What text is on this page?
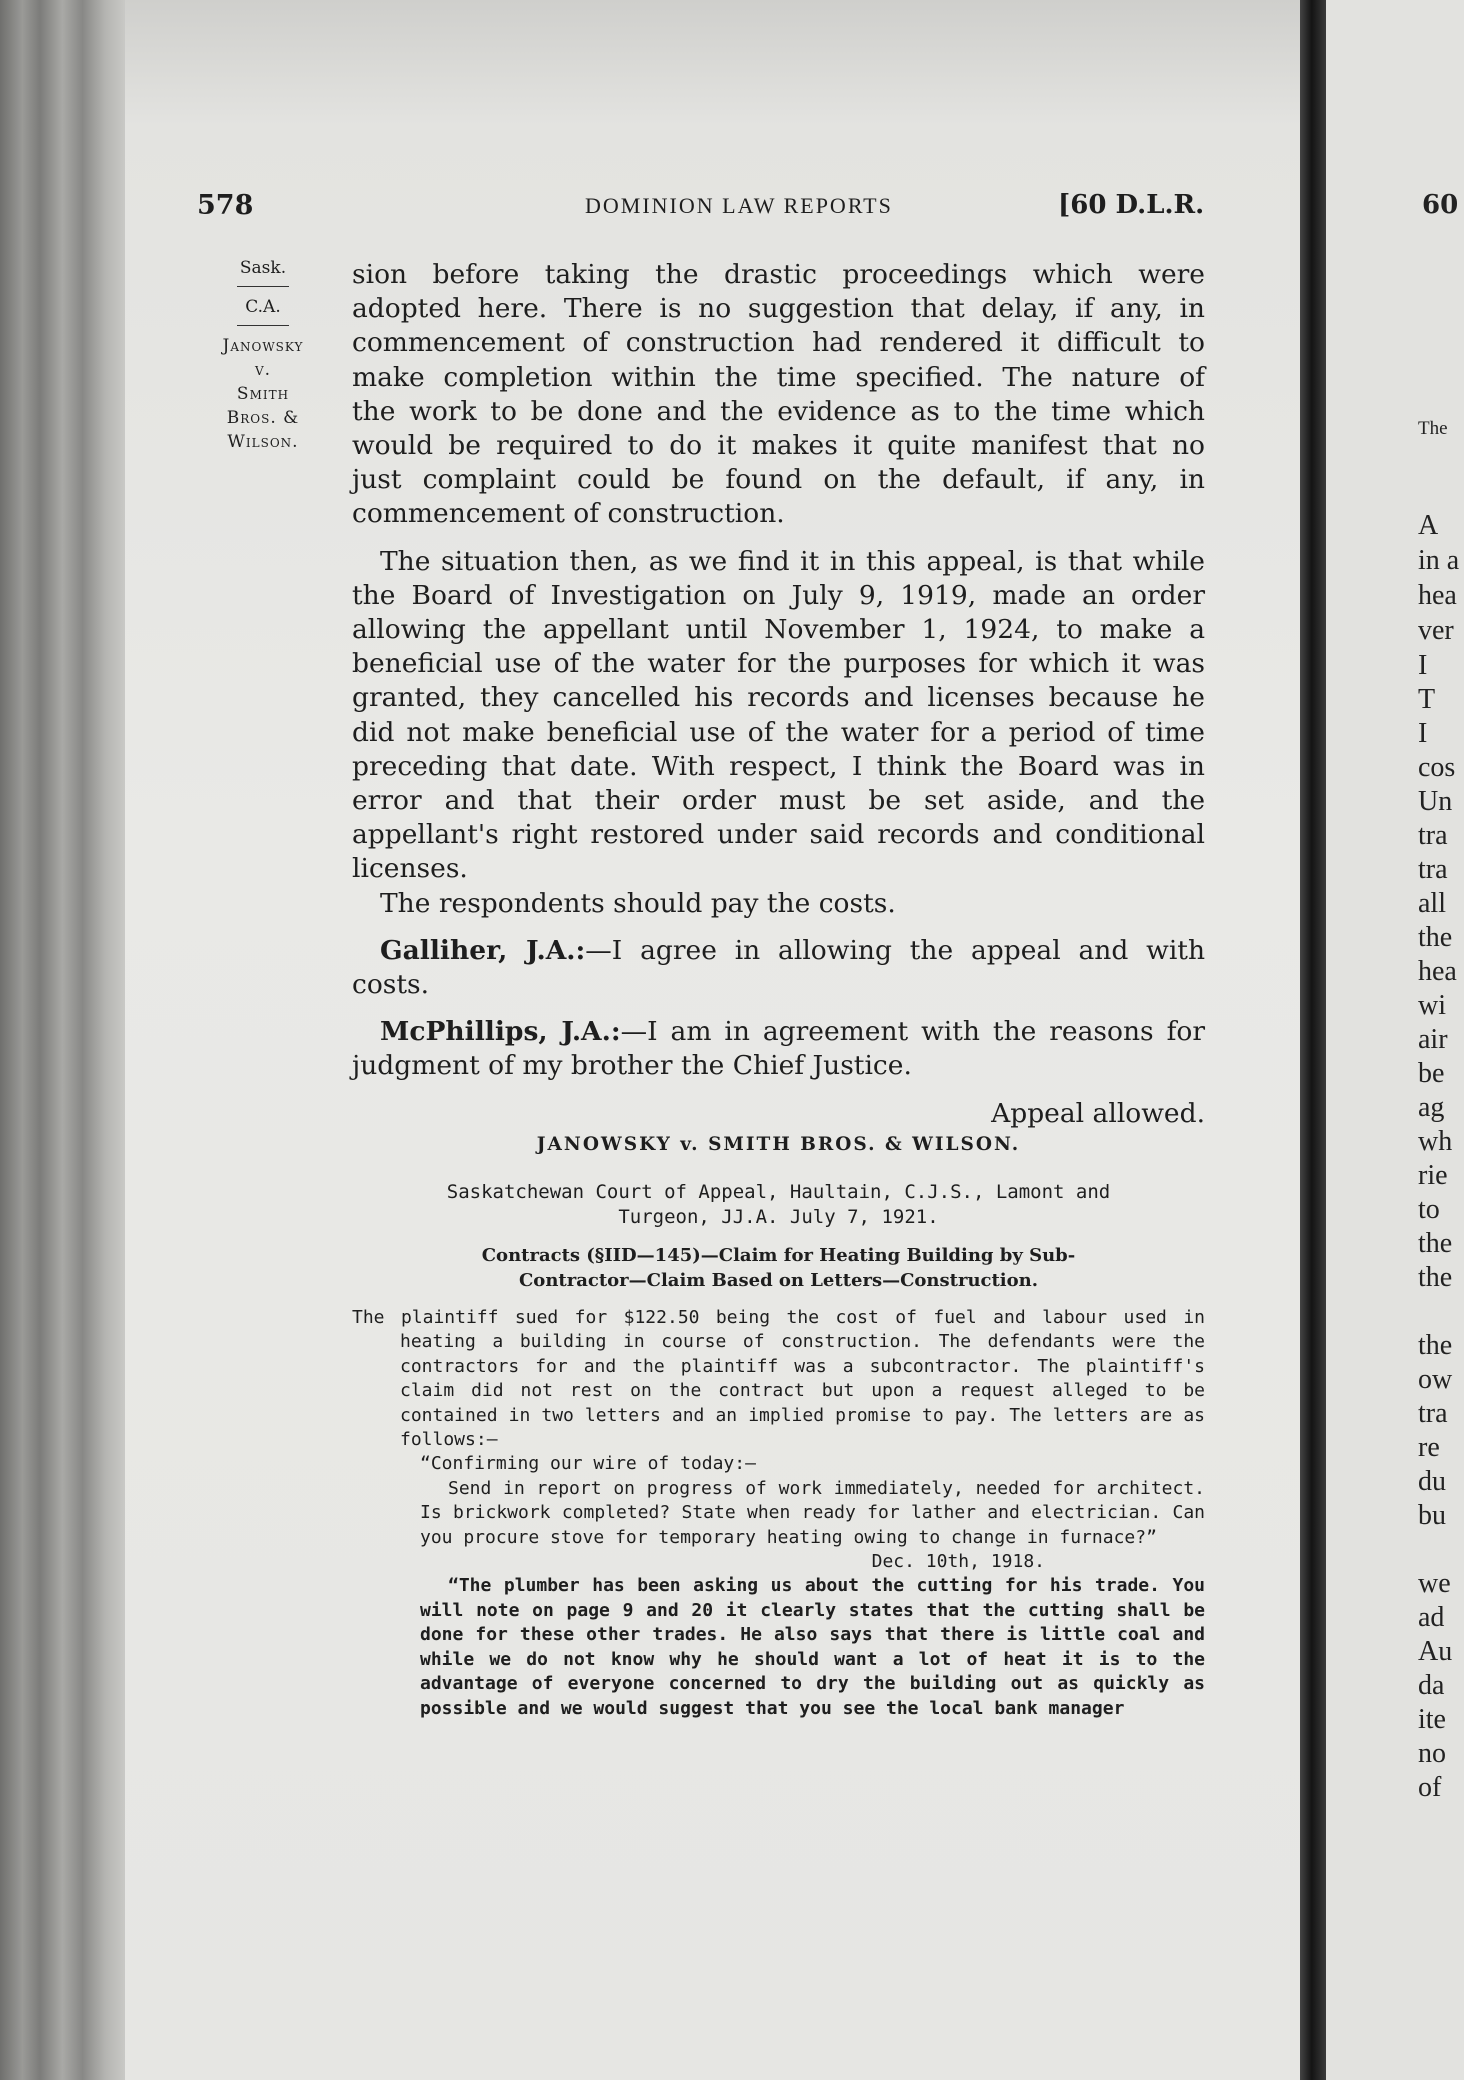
578	DOMINION LAW REPORTS	[60 D.L.R.
Sask.
C.A.
Janowsky
v.
Smith
Bros. &
Wilson.
sion before taking the drastic proceedings which were
adopted here. There is no suggestion that delay, if any, in
commencement of construction had rendered it difficult to
make completion within the time specified. The nature of
the work to be done and the evidence as to the time which
would be required to do it makes it quite manifest that no
just complaint could be found on the default, if any, in
commencement of construction.

The situation then, as we find it in this appeal, is that while the Board of Investigation on July 9, 1919, made an order allowing the appellant until November 1, 1924, to make a beneficial use of the water for the purposes for which it was granted, they cancelled his records and licenses because he did not make beneficial use of the water for a period of time preceding that date. With respect, I think the Board was in error and that their order must be set aside, and the appellant's right restored under said records and conditional licenses.

The respondents should pay the costs.

Galliher, J.A.:—I agree in allowing the appeal and with costs.

McPhillips, J.A.:—I am in agreement with the reasons for judgment of my brother the Chief Justice.

Appeal allowed.

JANOWSKY v. SMITH BROS. & WILSON.
Saskatchewan Court of Appeal, Haultain, C.J.S., Lamont and
Turgeon, JJ.A. July 7, 1921.
Contracts (§IID—145)—Claim for Heating Building by Sub-
Contractor—Claim Based on Letters—Construction.

The plaintiff sued for $122.50 being the cost of fuel and labour used in heating a building in course of construction. The defendants were the contractors for and the plaintiff was a subcontractor. The plaintiff's claim did not rest on the contract but upon a request alleged to be contained in two letters and an implied promise to pay. The letters are as follows:—

“Confirming our wire of today:—

Send in report on progress of work immediately, needed for architect. Is brickwork completed? State when ready for lather and electrician. Can you procure stove for temporary heating owing to change in furnace?”

Dec. 10th, 1918.

“The plumber has been asking us about the cutting for his trade. You will note on page 9 and 20 it clearly states that the cutting shall be done for these other trades. He also says that there is little coal and while we do not know why he should want a lot of heat it is to the advantage of everyone concerned to dry the building out as quickly as possible and we would suggest that you see the local bank manager

60
The
A
in a
hea
ver
I
T
I
cos
Un
tra
tra
all
the
hea
wi
air
be
ag
wh
rie
to
the
the
the
ow
tra
re
du
bu
we
ad
Au
da
ite
no
of
